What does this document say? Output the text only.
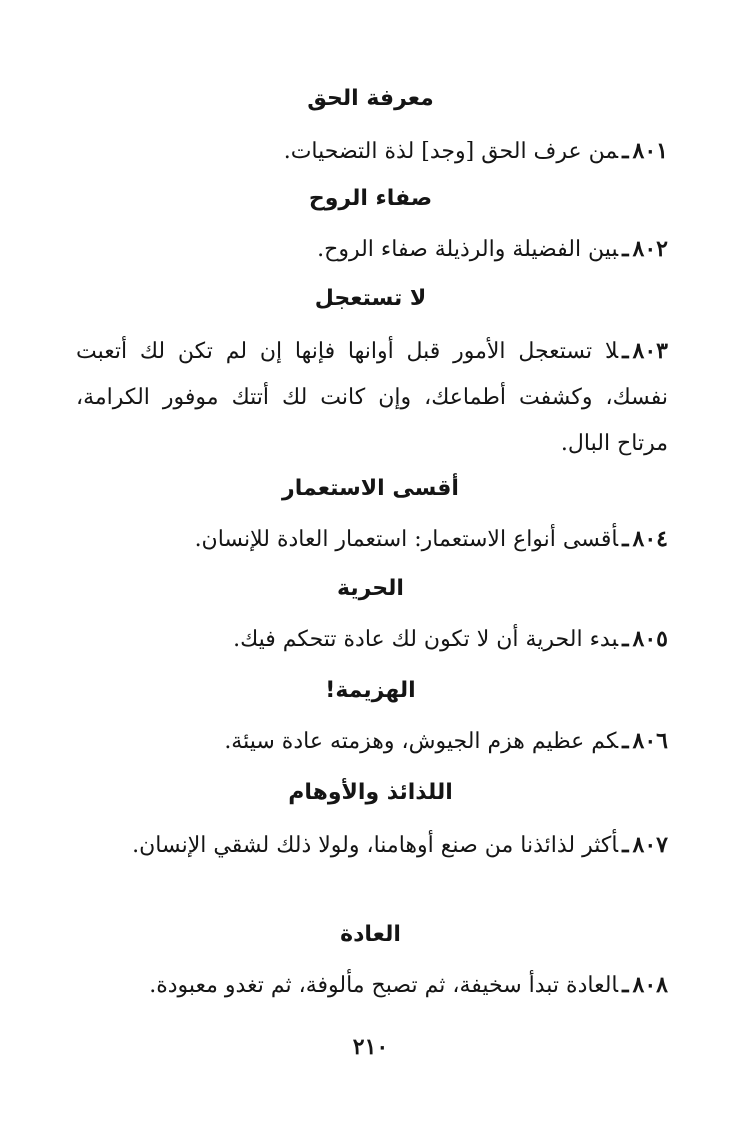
معرفة الحق

٨٠١ـمن عرف الحق [وجد] لذة التضحيات.

صفاء الروح

٨٠٢ـبين الفضيلة والرذيلة صفاء الروح.

لا تستعجل

٨٠٣ـلا تستعجل الأمور قبل أوانها فإنها إن لم تكن لك أتعبت نفسك، وكشفت أطماعك، وإن كانت لك أتتك موفور الكرامة، مرتاح البال.

أقسى الاستعمار

٨٠٤ـأقسى أنواع الاستعمار: استعمار العادة للإنسان.

الحرية

٨٠٥ـبدء الحرية أن لا تكون لك عادة تتحكم فيك.

الهزيمة!

٨٠٦ـكم عظيم هزم الجيوش، وهزمته عادة سيئة.

اللذائذ والأوهام

٨٠٧ـأكثر لذائذنا من صنع أوهامنا، ولولا ذلك لشقي الإنسان.

العادة

٨٠٨ـالعادة تبدأ سخيفة، ثم تصبح مألوفة، ثم تغدو معبودة.

٢١٠
